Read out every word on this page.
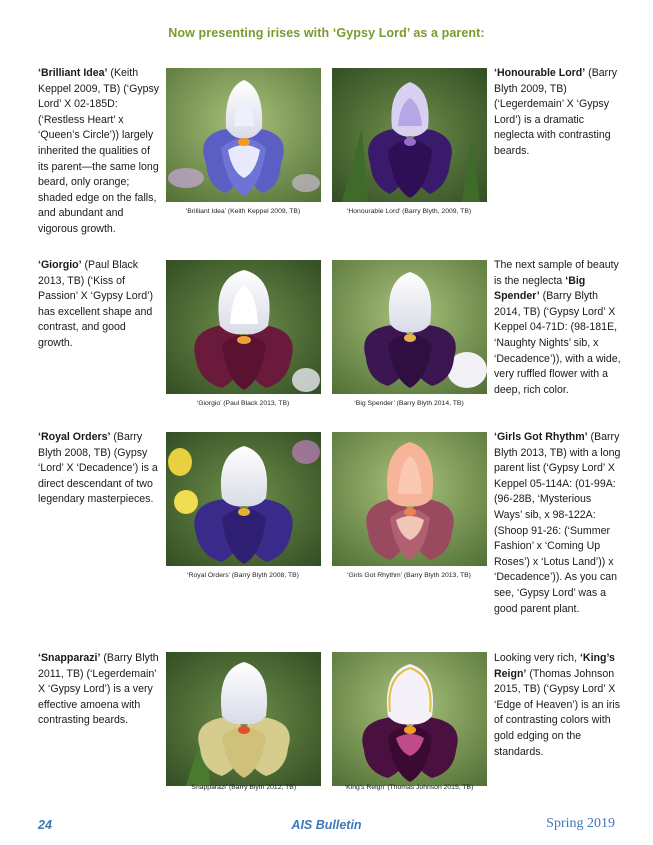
Now presenting irises with ‘Gypsy Lord’ as a parent:
‘Brilliant Idea’ (Keith Keppel 2009, TB) (‘Gypsy Lord’ X 02-185D: (‘Restless Heart’ x ‘Queen’s Circle’)) largely inherited the qualities of its parent—the same long beard, only orange; shaded edge on the falls, and abundant and vigorous growth.
‘Brilliant Idea’ (Keith Keppel 2009, TB)	‘Honourable Lord’ (Barry Blyth, 2009, TB)
‘Honourable Lord’ (Barry Blyth 2009, TB) (‘Legerdemain’ X ‘Gypsy Lord’) is a dramatic neglecta with contrasting beards.
‘Giorgio’ (Paul Black 2013, TB) (‘Kiss of Passion’ X ‘Gypsy Lord’) has excellent shape and contrast, and good growth.
‘Giorgio’ (Paul Black 2013, TB)	‘Big Spender’ (Barry Blyth 2014, TB)
The next sample of beauty is the neglecta ‘Big Spender’ (Barry Blyth 2014, TB) (‘Gypsy Lord’ X Keppel 04-71D: (98-181E, ‘Naughty Nights’ sib, x ‘Decadence’)), with a wide, very ruffled flower with a deep, rich color.
‘Royal Orders’ (Barry Blyth 2008, TB) (Gypsy ‘Lord’ X ‘Decadence’) is a direct descendant of two legendary masterpieces.
‘Royal Orders’ (Barry Blyth 2008, TB)	‘Girls Got Rhythm’ (Barry Blyth 2013, TB)
‘Girls Got Rhythm’ (Barry Blyth 2013, TB) with a long parent list (‘Gypsy Lord’ X Keppel 05-114A: (01-99A: (96-28B, ‘Mysterious Ways’ sib, x 98-122A: (Shoop 91-26: (‘Summer Fashion’ x ‘Coming Up Roses’) x ‘Lotus Land’)) x ‘Decadence’)). As you can see, ‘Gypsy Lord’ was a good parent plant.
‘Snapparazi’ (Barry Blyth 2011, TB) (‘Legerdemain’ X ‘Gypsy Lord’) is a very effective amoena with contrasting beards.
‘Snapparazi’ (Barry Blyth 2012, TB)	‘King’s Reign’ (Thomas Johnson 2015, TB)
Looking very rich, ‘King’s Reign’ (Thomas Johnson 2015, TB) (‘Gypsy Lord’ X ‘Edge of Heaven’) is an iris of contrasting colors with gold edging on the standards.
24	AIS Bulletin	Spring 2019
